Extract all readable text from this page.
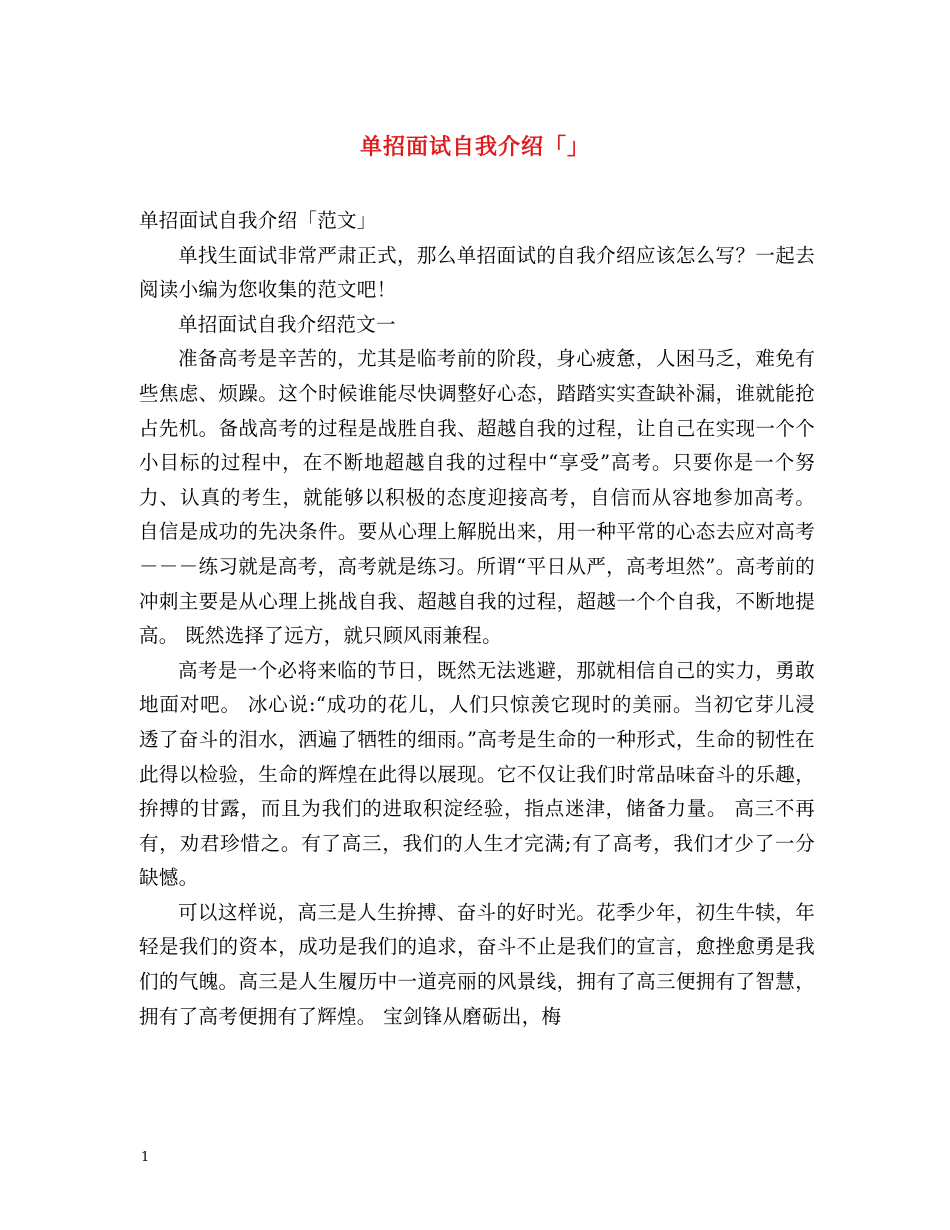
单招面试自我介绍「」

单招面试自我介绍「范文」

单找生面试非常严肃正式，那么单招面试的自我介绍应该怎么写？一起去阅读小编为您收集的范文吧！

单招面试自我介绍范文一

准备高考是辛苦的，尤其是临考前的阶段，身心疲惫，人困马乏，难免有些焦虑、烦躁。这个时候谁能尽快调整好心态，踏踏实实查缺补漏，谁就能抢占先机。备战高考的过程是战胜自我、超越自我的过程，让自己在实现一个个小目标的过程中，在不断地超越自我的过程中“享受”高考。只要你是一个努力、认真的考生，就能够以积极的态度迎接高考，自信而从容地参加高考。 自信是成功的先决条件。要从心理上解脱出来，用一种平常的心态去应对高考－－－练习就是高考，高考就是练习。所谓“平日从严，高考坦然”。高考前的冲刺主要是从心理上挑战自我、超越自我的过程，超越一个个自我，不断地提高。 既然选择了远方，就只顾风雨兼程。

高考是一个必将来临的节日，既然无法逃避，那就相信自己的实力，勇敢地面对吧。 冰心说:“成功的花儿，人们只惊羡它现时的美丽。当初它芽儿浸透了奋斗的泪水，洒遍了牺牲的细雨。”高考是生命的一种形式，生命的韧性在此得以检验，生命的辉煌在此得以展现。它不仅让我们时常品味奋斗的乐趣，拚搏的甘露，而且为我们的进取积淀经验，指点迷津，储备力量。 高三不再有，劝君珍惜之。有了高三，我们的人生才完满;有了高考，我们才少了一分缺憾。

可以这样说，高三是人生拚搏、奋斗的好时光。花季少年，初生牛犊，年轻是我们的资本，成功是我们的追求，奋斗不止是我们的宣言，愈挫愈勇是我们的气魄。高三是人生履历中一道亮丽的风景线，拥有了高三便拥有了智慧，拥有了高考便拥有了辉煌。 宝剑锋从磨砺出，梅

1
